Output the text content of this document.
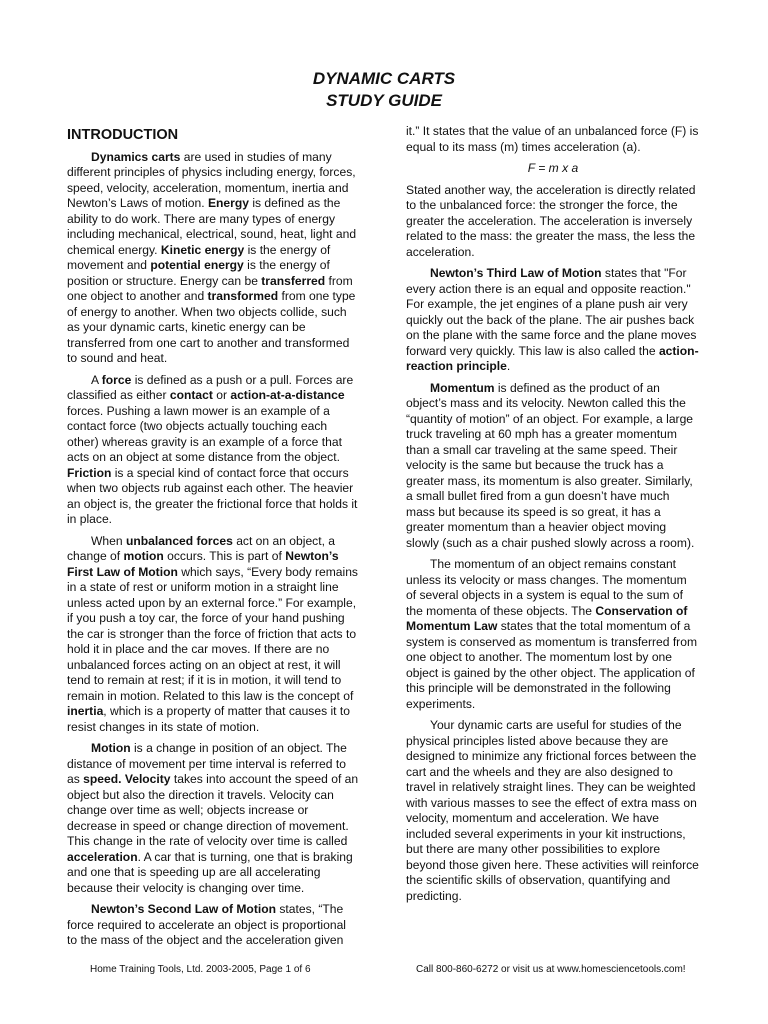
DYNAMIC CARTS
STUDY GUIDE
INTRODUCTION

Dynamics carts are used in studies of many different principles of physics including energy, forces, speed, velocity, acceleration, momentum, inertia and Newton’s Laws of motion. Energy is defined as the ability to do work. There are many types of energy including mechanical, electrical, sound, heat, light and chemical energy. Kinetic energy is the energy of movement and potential energy is the energy of position or structure. Energy can be transferred from one object to another and transformed from one type of energy to another. When two objects collide, such as your dynamic carts, kinetic energy can be transferred from one cart to another and transformed to sound and heat.

A force is defined as a push or a pull. Forces are classified as either contact or action-at-a-distance forces. Pushing a lawn mower is an example of a contact force (two objects actually touching each other) whereas gravity is an example of a force that acts on an object at some distance from the object. Friction is a special kind of contact force that occurs when two objects rub against each other. The heavier an object is, the greater the frictional force that holds it in place.

When unbalanced forces act on an object, a change of motion occurs. This is part of Newton’s First Law of Motion which says, “Every body remains in a state of rest or uniform motion in a straight line unless acted upon by an external force.” For example, if you push a toy car, the force of your hand pushing the car is stronger than the force of friction that acts to hold it in place and the car moves. If there are no unbalanced forces acting on an object at rest, it will tend to remain at rest; if it is in motion, it will tend to remain in motion. Related to this law is the concept of inertia, which is a property of matter that causes it to resist changes in its state of motion.

Motion is a change in position of an object. The distance of movement per time interval is referred to as speed. Velocity takes into account the speed of an object but also the direction it travels. Velocity can change over time as well; objects increase or decrease in speed or change direction of movement. This change in the rate of velocity over time is called acceleration. A car that is turning, one that is braking and one that is speeding up are all accelerating because their velocity is changing over time.

Newton’s Second Law of Motion states, “The force required to accelerate an object is proportional to the mass of the object and the acceleration given

it.” It states that the value of an unbalanced force (F) is equal to its mass (m) times acceleration (a).

F = m x a

Stated another way, the acceleration is directly related to the unbalanced force: the stronger the force, the greater the acceleration. The acceleration is inversely related to the mass: the greater the mass, the less the acceleration.

Newton’s Third Law of Motion states that "For every action there is an equal and opposite reaction." For example, the jet engines of a plane push air very quickly out the back of the plane. The air pushes back on the plane with the same force and the plane moves forward very quickly. This law is also called the action-reaction principle.

Momentum is defined as the product of an object’s mass and its velocity. Newton called this the “quantity of motion” of an object. For example, a large truck traveling at 60 mph has a greater momentum than a small car traveling at the same speed. Their velocity is the same but because the truck has a greater mass, its momentum is also greater. Similarly, a small bullet fired from a gun doesn’t have much mass but because its speed is so great, it has a greater momentum than a heavier object moving slowly (such as a chair pushed slowly across a room).

The momentum of an object remains constant unless its velocity or mass changes. The momentum of several objects in a system is equal to the sum of the momenta of these objects. The Conservation of Momentum Law states that the total momentum of a system is conserved as momentum is transferred from one object to another. The momentum lost by one object is gained by the other object. The application of this principle will be demonstrated in the following experiments.

Your dynamic carts are useful for studies of the physical principles listed above because they are designed to minimize any frictional forces between the cart and the wheels and they are also designed to travel in relatively straight lines. They can be weighted with various masses to see the effect of extra mass on velocity, momentum and acceleration. We have included several experiments in your kit instructions, but there are many other possibilities to explore beyond those given here. These activities will reinforce the scientific skills of observation, quantifying and predicting.

Home Training Tools, Ltd. 2003-2005, Page 1 of 6	Call 800-860-6272 or visit us at www.homesciencetools.com!
